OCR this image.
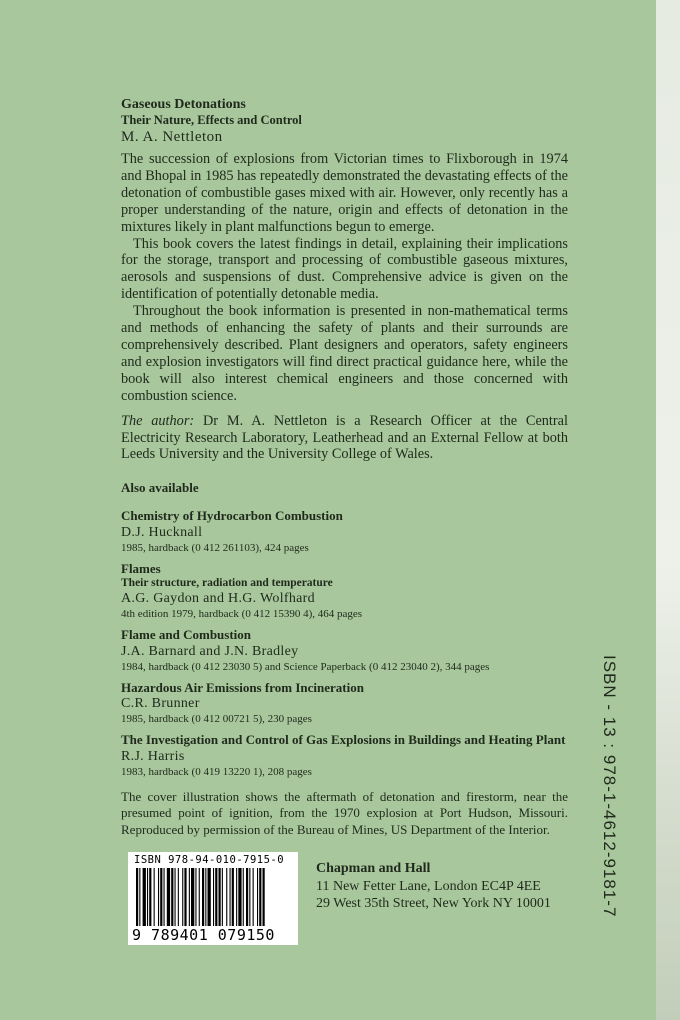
Gaseous Detonations
Their Nature, Effects and Control
M. A. Nettleton

The succession of explosions from Victorian times to Flixborough in 1974 and Bhopal in 1985 has repeatedly demonstrated the devastating effects of the detonation of combustible gases mixed with air. However, only recently has a proper understanding of the nature, origin and effects of detonation in the mixtures likely in plant malfunctions begun to emerge.

This book covers the latest findings in detail, explaining their implications for the storage, transport and processing of combustible gaseous mixtures, aerosols and suspensions of dust. Comprehensive advice is given on the identification of potentially detonable media.

Throughout the book information is presented in non-mathematical terms and methods of enhancing the safety of plants and their surrounds are comprehensively described. Plant designers and operators, safety engineers and explosion investigators will find direct practical guidance here, while the book will also interest chemical engineers and those concerned with combustion science.

The author: Dr M. A. Nettleton is a Research Officer at the Central Electricity Research Laboratory, Leatherhead and an External Fellow at both Leeds University and the University College of Wales.

Also available
Chemistry of Hydrocarbon Combustion
D.J. Hucknall
1985, hardback (0 412 261103), 424 pages
Flames
Their structure, radiation and temperature
A.G. Gaydon and H.G. Wolfhard
4th edition 1979, hardback (0 412 15390 4), 464 pages
Flame and Combustion
J.A. Barnard and J.N. Bradley
1984, hardback (0 412 23030 5) and Science Paperback (0 412 23040 2), 344 pages
Hazardous Air Emissions from Incineration
C.R. Brunner
1985, hardback (0 412 00721 5), 230 pages
The Investigation and Control of Gas Explosions in Buildings and Heating Plant
R.J. Harris
1983, hardback (0 419 13220 1), 208 pages
The cover illustration shows the aftermath of detonation and firestorm, near the presumed point of ignition, from the 1970 explosion at Port Hudson, Missouri. Reproduced by permission of the Bureau of Mines, US Department of the Interior.
ISBN 978-94-010-7915-0
9 789401 079150
Chapman and Hall
11 New Fetter Lane, London EC4P 4EE
29 West 35th Street, New York NY 10001	ISBN - 13 : 978-1-4612-9181-7
